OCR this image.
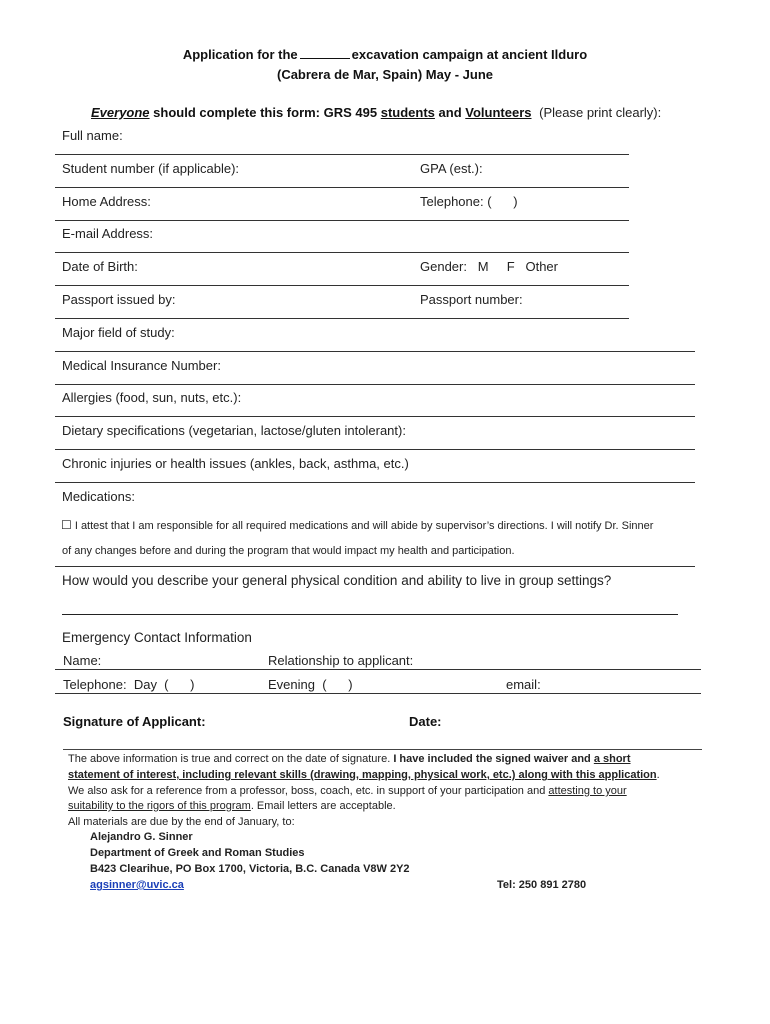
Application for the	excavation campaign at ancient Ilduro
(Cabrera de Mar, Spain) May - June
Everyone should complete this form: GRS 495 students and Volunteers (Please print clearly):
Full name:
Student number (if applicable):	GPA (est.):
Home Address:	Telephone: (      )
E-mail Address:
Date of Birth:	Gender:   M     F   Other
Passport issued by:	Passport number:
Major field of study:
Medical Insurance Number:
Allergies (food, sun, nuts, etc.):
Dietary specifications (vegetarian, lactose/gluten intolerant):
Chronic injuries or health issues (ankles, back, asthma, etc.)
Medications:
☐ I attest that I am responsible for all required medications and will abide by supervisor’s directions. I will notify Dr. Sinner
of any changes before and during the program that would impact my health and participation.
How would you describe your general physical condition and ability to live in group settings?
Emergency Contact Information
Name:	Relationship to applicant:
Telephone:  Day  (      )	Evening  (      )	email:
Signature of Applicant:	Date:
The above information is true and correct on the date of signature. I have included the signed waiver and a short
statement of interest, including relevant skills (drawing, mapping, physical work, etc.) along with this application.
We also ask for a reference from a professor, boss, coach, etc. in support of your participation and attesting to your
suitability to the rigors of this program. Email letters are acceptable.
All materials are due by the end of January, to:
Alejandro G. Sinner
Department of Greek and Roman Studies
B423 Clearihue, PO Box 1700, Victoria, B.C. Canada V8W 2Y2
agsinner@uvic.ca	Tel: 250 891 2780
